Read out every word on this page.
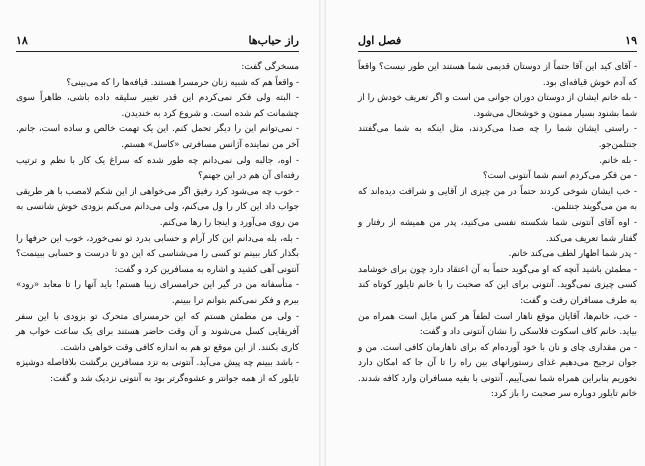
راز حباب‌ها
۱۸

مسخرگی گفت:

- واقعاً هم که شبیه زنان حرمسرا هستند. قیافه‌ها را که می‌بینی؟

- البته ولی فکر نمی‌کردم این قدر تغییر سلیقه داده باشی، ظاهراً سوی چشمانت کم شده است. و شروع کرد به خندیدن.

- نمی‌توانم این را دیگر تحمل کنم. این یک تهمت خالص و ساده است، جانم. آخر من نماینده آژانس مسافرتی «کاسل» هستم.

- اوه، جالبه ولی نمی‌دانم چه طور شده که سراغ یک کار با نظم و ترتیب رفته‌ای آن هم در این جهنم؟

- خوب چه می‌شود کرد رفیق اگر می‌خواهی از این شکم لامصب با هر طریقی جواب داد این کار را ول می‌کنم، ولی می‌دانم می‌کنم بزودی خوش شانسی به من روی می‌آورد و اینجا را رها می‌کنم.

- بله، بله می‌دانم این کار آرام و حسابی بدرد تو نمی‌خورد، خوب این حرفها را بگذار کنار ببینم تو کسی را می‌شناسی که این دو تا درست و حسابی ببینمت؟ آنتونی آهی کشید و اشاره به مسافرین کرد و گفت:

- متأسفانه من در گیر این حرامسرای زیبا هستم! باید آنها را تا معابد «رود» ببرم و فکر نمی‌کنم بتوانم ترا ببینم.

- ولی من مطمئن هستم که این حرمسرای متحرک تو بزودی با این سفر آفریقایی کسل می‌شوند و آن وقت حاضر هستند برای یک ساعت خواب هر کاری بکنند. از این موقع تو هم به اندازه کافی وقت خواهی داشت.

- باشد ببینم چه پیش می‌آید. آنتونی به نزد مسافرین برگشت بلافاصله دوشیزه تایلور که از همه جوانتر و عشوه‌گرتر بود به آنتونی نزدیک شد و گفت:

۱۹
فصل اول

- آقای کید این آقا حتماً از دوستان قدیمی شما هستند این طور نیست؟ واقعاً که آدم خوش قیافه‌ای بود.

- بله خانم ایشان از دوستان دوران جوانی من است و اگر تعریف خودش را از شما بشنود بسیار ممنون و خوشحال می‌شود.

- راستی ایشان شما را چه صدا می‌کردند، مثل اینکه به شما می‌گفتند جنتلمن‌جو.

- بله خانم.

- من فکر می‌کردم اسم شما آنتونی است؟

- خب ایشان شوخی کردند حتماً در من چیزی از آقایی و شرافت دیده‌اند که به من می‌گویند جنتلمن.

- اوه آقای آنتونی شما شکسته نفسی می‌کنید، پدر من همیشه از رفتار و گفتار شما تعریف می‌کند.

- پدر شما اظهار لطف می‌کند خانم.

- مطمئن باشید آنچه که او می‌گوید حتماً به آن اعتقاد دارد چون برای خوشامد کسی چیزی نمی‌گوید. آنتونی برای این که صحبت را با خانم تایلور کوتاه کند به طرف مسافران رفت و گفت:

- خب، خانم‌ها، آقایان موقع ناهار است لطفاً هر کس مایل است همراه من بیاید. خانم کاف اسکوت فلاسکی را نشان آنتونی داد و گفت:

- من مقداری چای و نان با خود آورده‌ام که برای ناهارمان کافی است. من و جوان ترجیح می‌دهیم غذای رستورانهای بین راه را تا آن جا که امکان دارد نخوریم بنابراین همراه شما نمی‌آییم. آنتونی با بقیه مسافران وارد کافه شدند. خانم تایلور دوباره سر صحبت را باز کرد:
